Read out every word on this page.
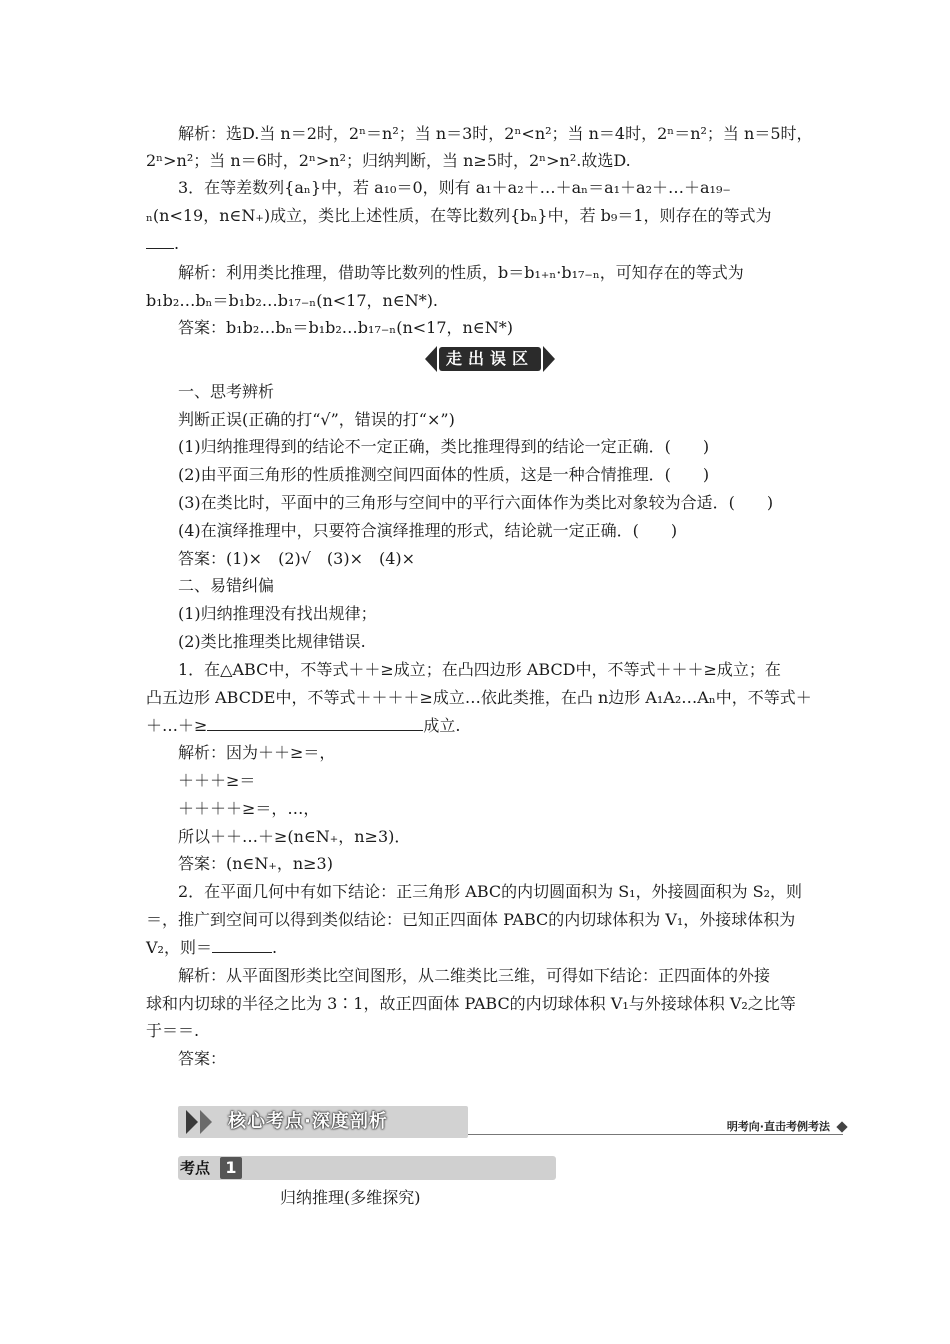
解析：选D.当 n＝2时，2ⁿ＝n²；当 n＝3时，2ⁿ<n²；当 n＝4时，2ⁿ＝n²；当 n＝5时，
2ⁿ>n²；当 n＝6时，2ⁿ>n²；归纳判断，当 n≥5时，2ⁿ>n².故选D.
3．在等差数列{aₙ}中，若 a₁₀＝0，则有 a₁＋a₂＋…＋aₙ＝a₁＋a₂＋…＋a₁₉₋
ₙ(n<19，n∈N₊)成立，类比上述性质，在等比数列{bₙ}中，若 b₉＝1，则存在的等式为
.
解析：利用类比推理，借助等比数列的性质，b＝b₁₊ₙ·b₁₇₋ₙ，可知存在的等式为
b₁b₂…bₙ＝b₁b₂…b₁₇₋ₙ(n<17，n∈N*).
答案：b₁b₂…bₙ＝b₁b₂…b₁₇₋ₙ(n<17，n∈N*)
走出误区
一、思考辨析
判断正误(正确的打“√”，错误的打“×”)
(1)归纳推理得到的结论不一定正确，类比推理得到的结论一定正确．(　　)
(2)由平面三角形的性质推测空间四面体的性质，这是一种合情推理．(　　)
(3)在类比时，平面中的三角形与空间中的平行六面体作为类比对象较为合适．(　　)
(4)在演绎推理中，只要符合演绎推理的形式，结论就一定正确．(　　)
答案：(1)×　(2)√　(3)×　(4)×
二、易错纠偏
(1)归纳推理没有找出规律；
(2)类比推理类比规律错误.
1．在△ABC中，不等式＋＋≥成立；在凸四边形 ABCD中，不等式＋＋＋≥成立；在
凸五边形 ABCDE中，不等式＋＋＋＋≥成立…依此类推，在凸 n边形 A₁A₂…Aₙ中，不等式＋
＋…＋≥	成立.
解析：因为＋＋≥＝，
＋＋＋≥＝
＋＋＋＋≥＝，…，
所以＋＋…＋≥(n∈N₊，n≥3)．
答案：(n∈N₊，n≥3)
2．在平面几何中有如下结论：正三角形 ABC的内切圆面积为 S₁，外接圆面积为 S₂，则
＝，推广到空间可以得到类似结论：已知正四面体 PABC的内切球体积为 V₁，外接球体积为
V₂，则＝	.
解析：从平面图形类比空间图形，从二维类比三维，可得如下结论：正四面体的外接
球和内切球的半径之比为 3∶1，故正四面体 PABC的内切球体积 V₁与外接球体积 V₂之比等
于＝＝.
答案：
核心考点·深度剖析	明考向·直击考例考法
考点 1
归纳推理(多维探究)
